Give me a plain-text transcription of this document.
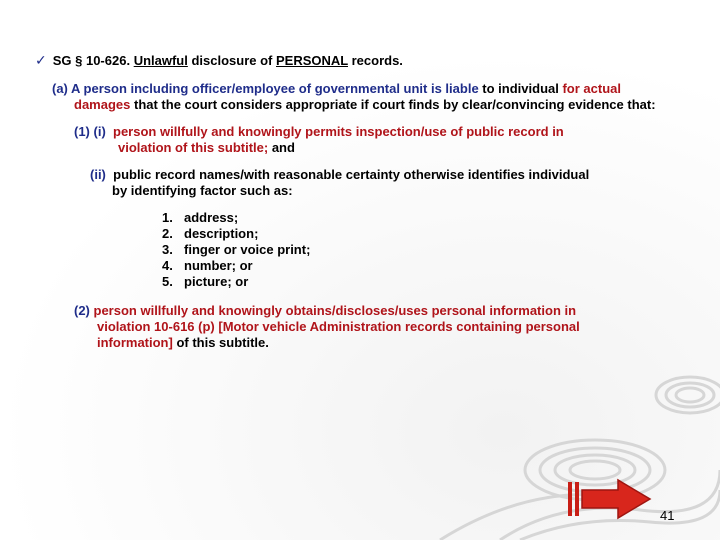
✓ SG § 10-626. Unlawful disclosure of PERSONAL records.
(a) A person including officer/employee of governmental unit is liable to individual for actual
damages that the court considers appropriate if court finds by clear/convincing evidence that:
(1) (i) person willfully and knowingly permits inspection/use of public record in
violation of this subtitle; and
(ii) public record names/with reasonable certainty otherwise identifies individual
by identifying factor such as:
1. address;
2. description;
3. finger or voice print;
4. number; or
5. picture; or
(2) person willfully and knowingly obtains/discloses/uses personal information in
violation 10-616 (p) [Motor vehicle Administration records containing personal
information] of this subtitle.
41
